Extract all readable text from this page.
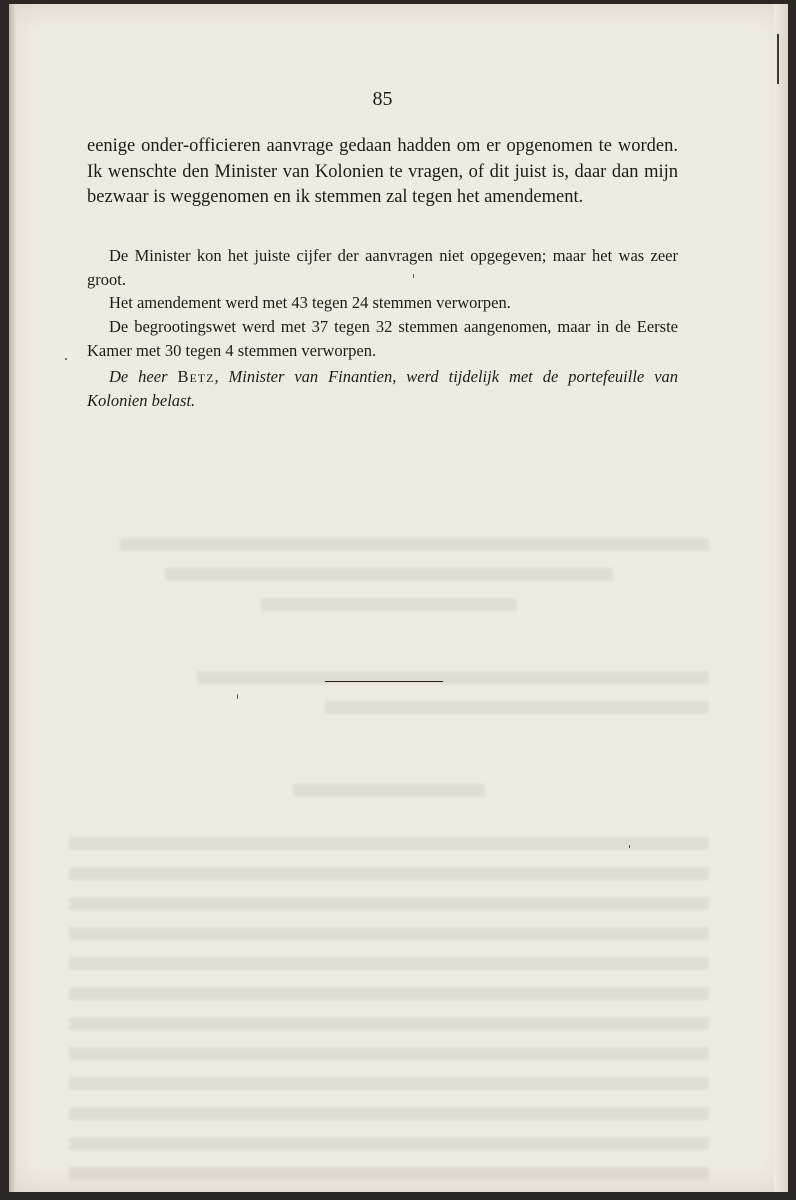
85

eenige onder-officieren aanvrage gedaan hadden om er opgenomen te worden. Ik wenschte den Minister van Kolonien te vragen, of dit juist is, daar dan mijn bezwaar is weggenomen en ik stemmen zal tegen het amendement.

De Minister kon het juiste cijfer der aanvragen niet opgegeven; maar het was zeer groot.

Het amendement werd met 43 tegen 24 stemmen verworpen.

De begrootingswet werd met 37 tegen 32 stemmen aangenomen, maar in de Eerste Kamer met 30 tegen 4 stemmen verworpen.

De heer Betz, Minister van Finantien, werd tijdelijk met de portefeuille van Kolonien belast.
